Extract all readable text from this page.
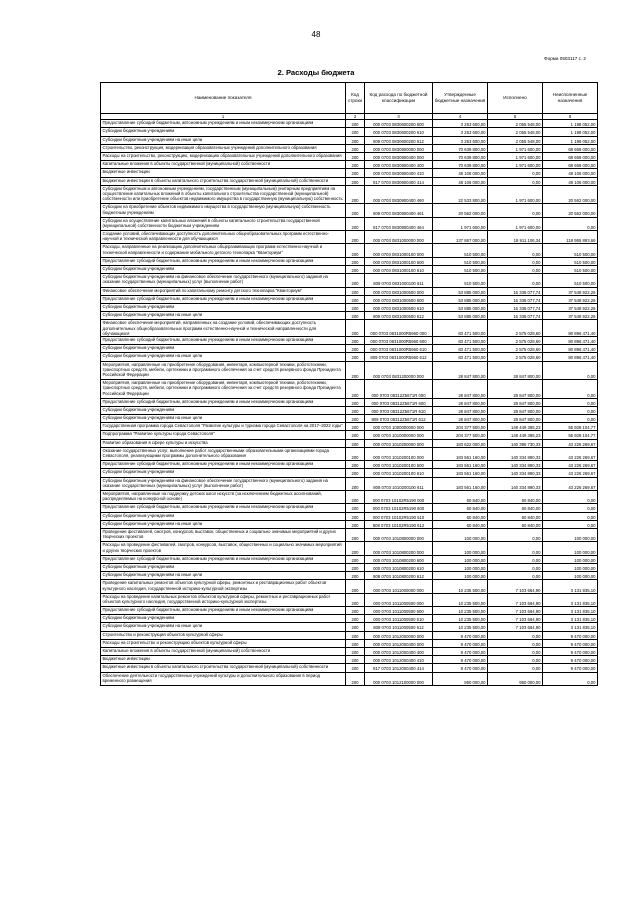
48
Форма 0503117 с. 2
2. Расходы бюджета
Наименование показателя	Код строки	Код расхода по бюджетной классификации	Утвержденные бюджетные назначения	Исполнено	Неисполненные назначения
1	2	3	4	5	6
Предоставление субсидий бюджетным, автономным учреждениям и иным некоммерческим организациям	200	000 0703 0830600200 600	3 253 600,00	2 055 548,00	1 198 052,00
Субсидии бюджетным учреждениям	200	000 0703 0830600200 610	3 253 600,00	2 055 548,00	1 198 052,00
Субсидии бюджетным учреждениям на иные цели	200	809 0703 0830600200 612	3 253 600,00	2 055 548,00	1 198 052,00
Строительство, реконструкция, модернизация образовательных учреждений дополнительного образования	200	000 0703 0830900000 000	70 639 800,00	1 971 600,00	68 668 000,00
Расходы на строительство, реконструкцию, модернизацию образовательных учреждений дополнительного образования	200	000 0703 0830900400 000	70 639 800,00	1 971 600,00	68 668 000,00
Капитальные вложения в объекты государственной (муниципальной) собственности	200	000 0703 0830900400 400	70 639 800,00	1 971 600,00	68 668 000,00
Бюджетные инвестиции	200	000 0703 0830900400 410	48 106 000,00	0,00	48 106 000,00
Бюджетные инвестиции в объекты капитального строительства государственной (муниципальной) собственности	200	817 0703 0830900400 414	48 106 000,00	0,00	48 106 000,00
Субсидии бюджетным и автономным учреждениям, государственным (муниципальным) унитарным предприятиям на осуществление капитальных вложений в объекты капитального строительства государственной (муниципальной) собственности или приобретение объектов недвижимого имущества в государственную (муниципальную) собственность	200	000 0703 0830900400 460	22 533 800,00	1 971 600,00	20 562 000,00
Субсидии на приобретение объектов недвижимого имущества в государственную (муниципальную) собственность бюджетным учреждениям	200	809 0703 0830900400 461	20 562 000,00	0,00	20 562 000,00
Субсидии на осуществление капитальных вложений в объекты капитального строительства государственной (муниципальной) собственности бюджетным учреждениям	200	817 0703 0830900400 464	1 971 600,00	1 971 600,00	0,00
Создание условий, обеспечивающих доступность дополнительных общеобразовательных программ естественно-научной и технической направленности для обучающихся	200	000 0703 0831000000 000	137 867 000,00	18 911 106,34	118 955 893,66
Расходы, направленные на реализацию дополнительных общеразвивающих программ естественно-научной и технической направленности и содержание мобильного детского технопарка "Кванториум"	200	000 0703 0831000100 000	510 500,00	0,00	510 500,00
Предоставление субсидий бюджетным, автономным учреждениям и иным некоммерческим организациям	200	000 0703 0831000100 600	510 500,00	0,00	510 500,00
Субсидии бюджетным учреждениям	200	000 0703 0831000100 610	510 500,00	0,00	510 500,00
Субсидии бюджетным учреждениям на финансовое обеспечение государственного (муниципального) задания на оказание государственных (муниципальных) услуг (выполнение работ)	200	809 0703 0831000100 611	510 500,00	0,00	510 500,00
Финансовое обеспечение мероприятий по капитальному ремонту детского технопарка "Кванториум"	200	000 0703 0831000500 000	53 885 000,00	16 336 077,74	37 548 922,26
Предоставление субсидий бюджетным, автономным учреждениям и иным некоммерческим организациям	200	000 0703 0831000500 600	53 885 000,00	16 336 077,74	37 548 922,26
Субсидии бюджетным учреждениям	200	000 0703 0831000500 610	53 885 000,00	16 336 077,74	37 548 922,26
Субсидии бюджетным учреждениям на иные цели	200	809 0703 0831000500 612	53 885 000,00	16 336 077,74	37 548 922,26
Финансовое обеспечение мероприятий, направленных на создание условий, обеспечивающих доступность дополнительных общеобразовательных программ естественно-научной и технической направленности для обучающихся	200	000 0703 0831000R5960 000	83 471 500,00	2 575 028,60	80 896 471,40
Предоставление субсидий бюджетным, автономным учреждениям и иным некоммерческим организациям	200	000 0703 0831000R5960 600	83 471 500,00	2 575 028,60	80 896 471,40
Субсидии бюджетным учреждениям	200	000 0703 0831000R5960 610	83 471 500,00	2 575 028,60	80 896 471,40
Субсидии бюджетным учреждениям на иные цели	200	809 0703 0831000R5960 612	83 471 500,00	2 575 028,60	80 896 471,40
Мероприятия, направленные на приобретение оборудования, инвентаря, компьютерной техники, робототехники, транспортных средств, мебели, оргтехники и программного обеспечения за счет средств резервного фонда Президента Российской Федерации	200	000 0703 0831200000 000	28 847 800,00	28 847 800,00	0,00
Мероприятия, направленные на приобретение оборудования, инвентаря, компьютерной техники, робототехники, транспортных средств, мебели, оргтехники и программного обеспечения за счет средств резервного фонда Президента Российской Федерации	200	000 0703 08312Z5671R 000	28 847 800,00	28 847 800,00	0,00
Предоставление субсидий бюджетным, автономным учреждениям и иным некоммерческим организациям	200	000 0703 08312Z5671R 600	28 847 800,00	28 847 800,00	0,00
Субсидии бюджетным учреждениям	200	000 0703 08312Z5671R 610	28 847 800,00	28 847 800,00	0,00
Субсидии бюджетным учреждениям на иные цели	200	809 0703 08312Z5671R 612	28 847 800,00	28 847 800,00	0,00
Государственная программа города Севастополя "Развитие культуры и туризма города Севастополя на 2017–2022 годы"	200	000 0703 1000000000 000	204 377 500,00	148 449 395,23	55 928 104,77
Подпрограмма "Развитие культуры города Севастополя"	200	000 0703 1010000000 000	204 377 500,00	148 449 395,23	55 928 104,77
Развитие образования в сфере культуры и искусства	200	000 0703 1010200000 000	183 622 000,00	140 395 730,33	43 226 269,67
Оказание государственных услуг, выполнение работ государственными образовательными организациями города Севастополя, реализующими программы дополнительного образования	200	000 0703 1010200100 000	183 561 160,00	140 334 890,33	43 226 269,67
Предоставление субсидий бюджетным, автономным учреждениям и иным некоммерческим организациям	200	000 0703 1010200100 600	183 561 160,00	140 334 890,33	43 226 269,67
Субсидии бюджетным учреждениям	200	000 0703 1010200100 610	183 561 160,00	140 334 890,33	43 226 269,67
Субсидии бюджетным учреждениям на финансовое обеспечение государственного (муниципального) задания на оказание государственных (муниципальных) услуг (выполнение работ)	200	808 0703 1010200100 611	183 561 160,00	140 334 890,33	43 226 269,67
Мероприятия, направленные на поддержку детских школ искусств (за исключением бюджетных ассигнований, распределяемых на конкурсной основе)	200	000 0703 10102R5190 000	60 840,00	60 840,00	0,00
Предоставление субсидий бюджетным, автономным учреждениям и иным некоммерческим организациям	200	000 0703 10102R5190 600	60 840,00	60 840,00	0,00
Субсидии бюджетным учреждениям	200	000 0703 10102R5190 610	60 840,00	60 840,00	0,00
Субсидии бюджетным учреждениям на иные цели	200	808 0703 10102R5190 612	60 840,00	60 840,00	0,00
Проведение фестивалей, смотров, конкурсов, выставок, общественных и социально значимых мероприятий и других творческих проектов	200	000 0703 1010800000 000	100 000,00	0,00	100 000,00
Расходы на проведение фестивалей, смотров, конкурсов, выставок, общественных и социально значимых мероприятий и других творческих проектов	200	000 0703 1010800200 000	100 000,00	0,00	100 000,00
Предоставление субсидий бюджетным, автономным учреждениям и иным некоммерческим организациям	200	000 0703 1010800200 600	100 000,00	0,00	100 000,00
Субсидии бюджетным учреждениям	200	000 0703 1010800200 610	100 000,00	0,00	100 000,00
Субсидии бюджетным учреждениям на иные цели	200	808 0703 1010800200 612	100 000,00	0,00	100 000,00
Проведение капитальных ремонтов объектов культурной сферы, ремонтных и реставрационных работ объектов культурного наследия, государственной историко-культурной экспертизы	200	000 0703 1011000000 000	10 235 500,00	7 103 664,90	3 131 835,10
Расходы на проведение капитальных ремонтов объектов культурной сферы, ремонтных и реставрационных работ объектов культурного наследия, государственной историко-культурной экспертизы	200	000 0703 1011000500 000	10 235 500,00	7 103 664,90	3 131 835,10
Предоставление субсидий бюджетным, автономным учреждениям и иным некоммерческим организациям	200	000 0703 1011000500 600	10 235 500,00	7 103 664,90	3 131 835,10
Субсидии бюджетным учреждениям	200	000 0703 1011000500 610	10 235 500,00	7 103 664,90	3 131 835,10
Субсидии бюджетным учреждениям на иные цели	200	808 0703 1011000500 612	10 235 500,00	7 103 664,90	3 131 835,10
Строительство и реконструкция объектов культурной сферы	200	000 0703 1012000000 000	9 470 000,00	0,00	9 470 000,00
Расходы на строительство и реконструкцию объектов культурной сферы	200	000 0703 1012000400 000	9 470 000,00	0,00	9 470 000,00
Капитальные вложения в объекты государственной (муниципальной) собственности	200	000 0703 1012000400 400	9 470 000,00	0,00	9 470 000,00
Бюджетные инвестиции	200	000 0703 1012000400 410	9 470 000,00	0,00	9 470 000,00
Бюджетные инвестиции в объекты капитального строительства государственной (муниципальной) собственности	200	817 0703 1012000400 414	9 470 000,00	0,00	9 470 000,00
Обеспечение деятельности государственных учреждений культуры и дополнительного образования в период временного размещения	200	000 0703 1012100000 000	950 000,00	950 000,00	0,00
